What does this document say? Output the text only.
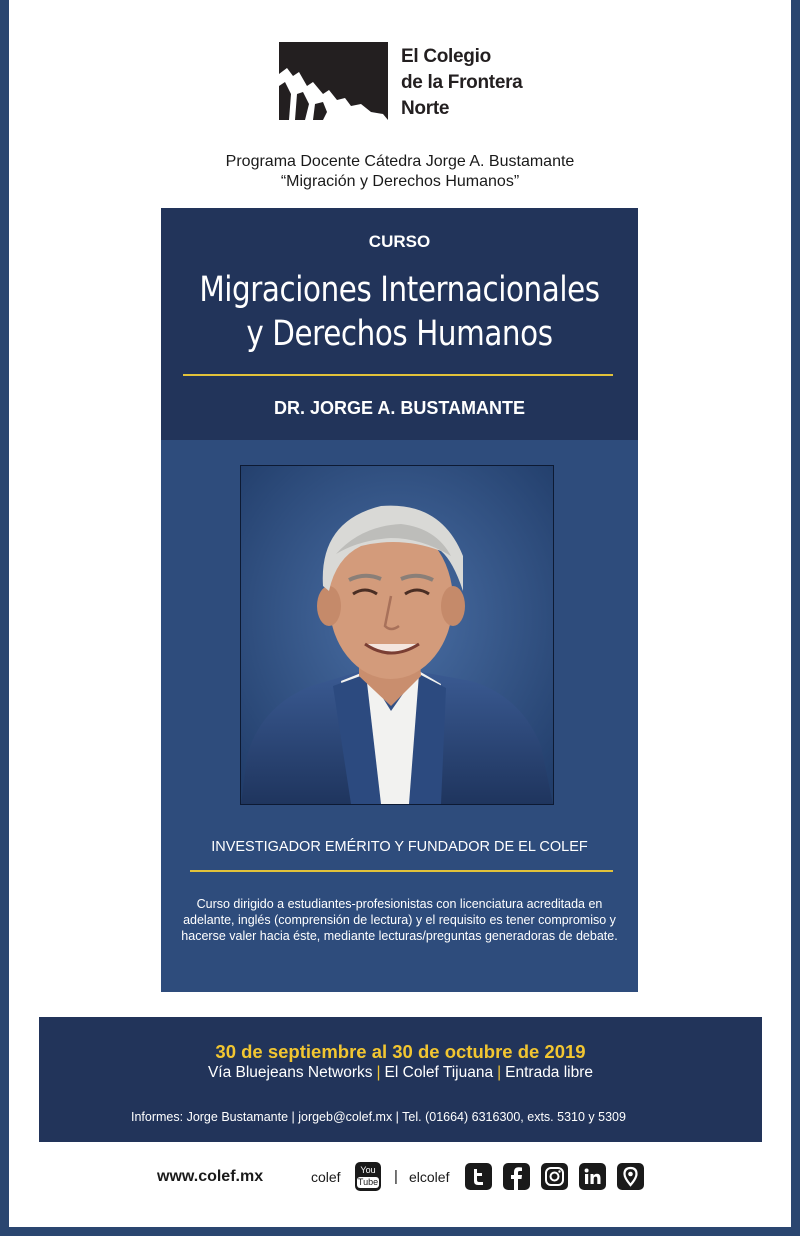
El Colegio
de la Frontera
Norte
Programa Docente Cátedra Jorge A. Bustamante
“Migración y Derechos Humanos”
CURSO
Migraciones Internacionales
y Derechos Humanos
DR. JORGE A. BUSTAMANTE
INVESTIGADOR EMÉRITO Y FUNDADOR DE EL COLEF
Curso dirigido a estudiantes-profesionistas con licenciatura acreditada en adelante, inglés (comprensión de lectura) y el requisito es tener compromiso y hacerse valer hacia éste, mediante lecturas/preguntas generadoras de debate.
30 de septiembre al 30 de octubre de 2019
Vía Bluejeans Networks | El Colef Tijuana | Entrada libre
Informes: Jorge Bustamante | jorgeb@colef.mx | Tel. (01664) 6316300, exts. 5310 y 5309
www.colef.mx	colef	You
Tube | elcolef
